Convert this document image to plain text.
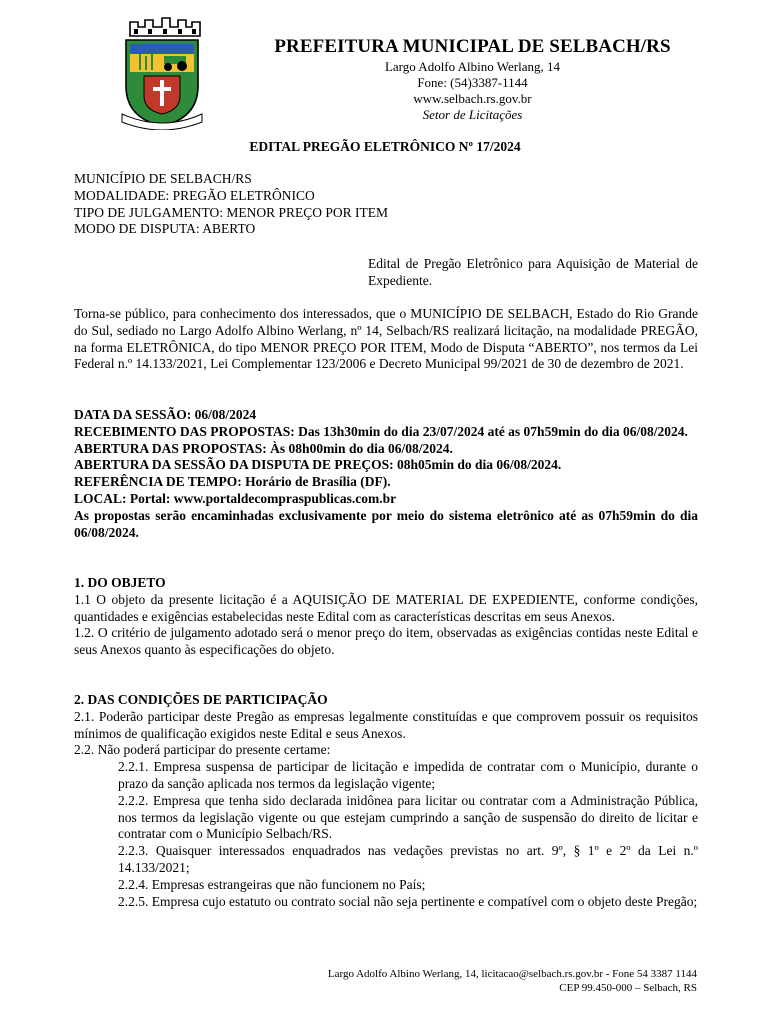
PREFEITURA MUNICIPAL DE SELBACH/RS
Largo Adolfo Albino Werlang, 14
Fone: (54)3387-1144
www.selbach.rs.gov.br
Setor de Licitações
EDITAL PREGÃO ELETRÔNICO Nº 17/2024

MUNICÍPIO DE SELBACH/RS

MODALIDADE: PREGÃO ELETRÔNICO

TIPO DE JULGAMENTO: MENOR PREÇO POR ITEM

MODO DE DISPUTA: ABERTO

Edital de Pregão Eletrônico para Aquisição de Material de Expediente.
Torna-se público, para conhecimento dos interessados, que o MUNICÍPIO DE SELBACH, Estado do Rio Grande do Sul, sediado no Largo Adolfo Albino Werlang, nº 14, Selbach/RS realizará licitação, na modalidade PREGÃO, na forma ELETRÔNICA, do tipo MENOR PREÇO POR ITEM, Modo de Disputa “ABERTO”, nos termos da Lei Federal n.º 14.133/2021, Lei Complementar 123/2006 e Decreto Municipal 99/2021 de 30 de dezembro de 2021.

DATA DA SESSÃO: 06/08/2024

RECEBIMENTO DAS PROPOSTAS: Das 13h30min do dia 23/07/2024 até as 07h59min do dia 06/08/2024.

ABERTURA DAS PROPOSTAS: Às 08h00min do dia 06/08/2024.

ABERTURA DA SESSÃO DA DISPUTA DE PREÇOS: 08h05min do dia 06/08/2024.

REFERÊNCIA DE TEMPO: Horário de Brasília (DF).

LOCAL: Portal: www.portaldecompraspublicas.com.br

As propostas serão encaminhadas exclusivamente por meio do sistema eletrônico até as 07h59min do dia 06/08/2024.

1. DO OBJETO

1.1 O objeto da presente licitação é a AQUISIÇÃO DE MATERIAL DE EXPEDIENTE, conforme condições, quantidades e exigências estabelecidas neste Edital com as características descritas em seus Anexos.

1.2. O critério de julgamento adotado será o menor preço do item, observadas as exigências contidas neste Edital e seus Anexos quanto às especificações do objeto.

2. DAS CONDIÇÕES DE PARTICIPAÇÃO

2.1. Poderão participar deste Pregão as empresas legalmente constituídas e que comprovem possuir os requisitos mínimos de qualificação exigidos neste Edital e seus Anexos.

2.2. Não poderá participar do presente certame:

2.2.1. Empresa suspensa de participar de licitação e impedida de contratar com o Município, durante o prazo da sanção aplicada nos termos da legislação vigente;

2.2.2. Empresa que tenha sido declarada inidônea para licitar ou contratar com a Administração Pública, nos termos da legislação vigente ou que estejam cumprindo a sanção de suspensão do direito de licitar e contratar com o Município Selbach/RS.

2.2.3. Quaisquer interessados enquadrados nas vedações previstas no art. 9º, § 1º e 2º da Lei n.º 14.133/2021;

2.2.4. Empresas estrangeiras que não funcionem no País;

2.2.5. Empresa cujo estatuto ou contrato social não seja pertinente e compatível com o objeto deste Pregão;

Largo Adolfo Albino Werlang, 14, licitacao@selbach.rs.gov.br - Fone 54 3387 1144
CEP 99.450-000 – Selbach, RS
